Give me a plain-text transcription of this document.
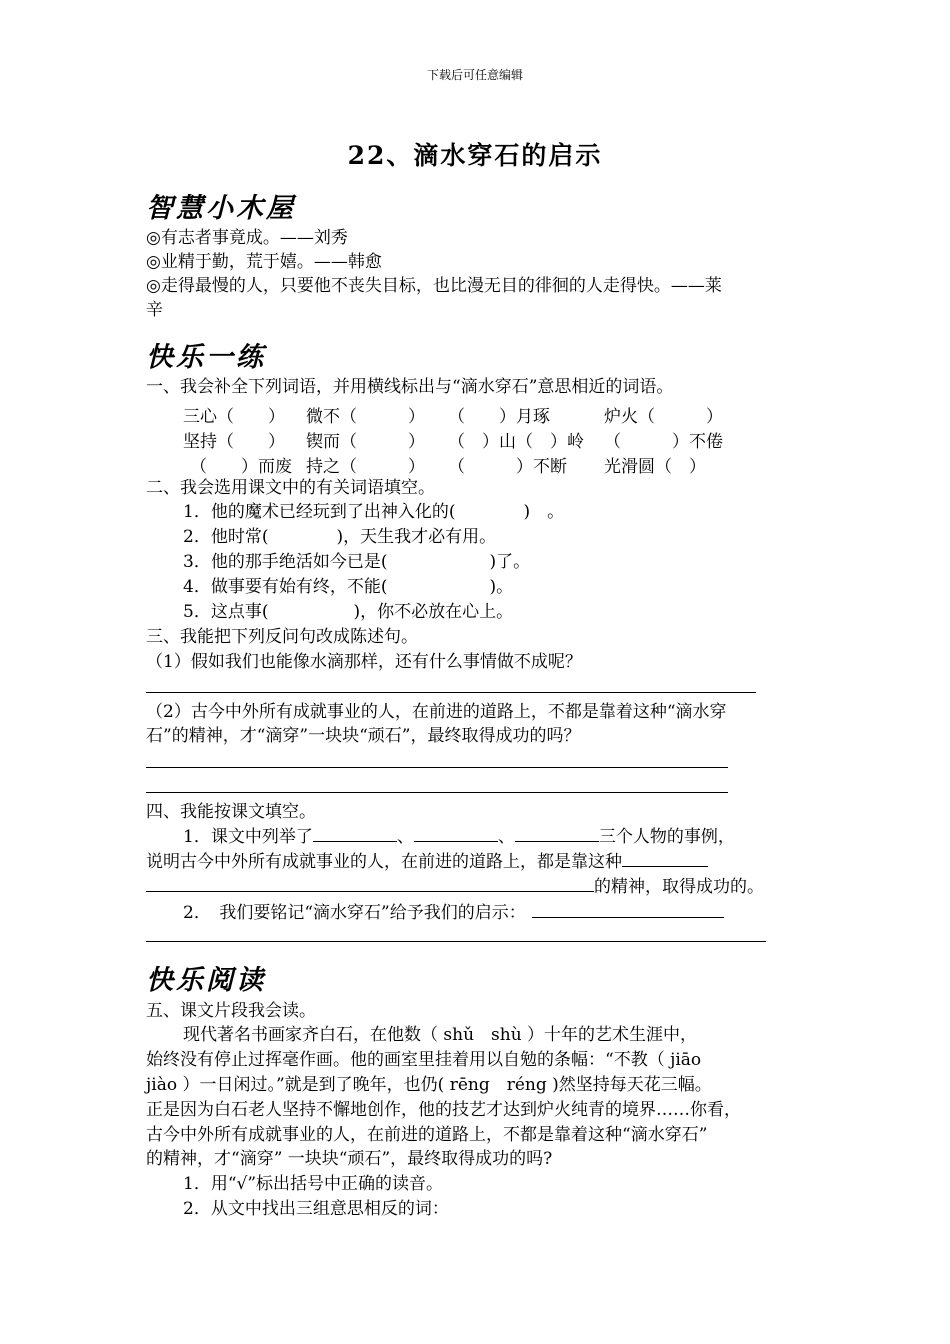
下载后可任意编辑
22、滴水穿石的启示
智慧小木屋
◎有志者事竟成。——刘秀
◎业精于勤，荒于嬉。——韩愈
◎走得最慢的人，只要他不丧失目标，也比漫无目的徘徊的人走得快。——莱
辛
快乐一练
一、我会补全下列词语，并用横线标出与“滴水穿石”意思相近的词语。
三心（　　） 微不（　　　） （　　）月琢	炉火（　　　）
坚持（　　） 锲而（　　　） （　）山（　）岭 （　　　）不倦
（　　）而废 持之（　　　） （　　　）不断 光滑圆（　）
二、我会选用课文中的有关词语填空。
1．他的魔术已经玩到了出神入化的(　　　　)　。
2．他时常(　　　　)，天生我才必有用。
3．他的那手绝活如今已是(　　　　　　)了。
4．做事要有始有终，不能(　　　　　　)。
5．这点事(　　　　　)，你不必放在心上。
三、我能把下列反问句改成陈述句。
（1）假如我们也能像水滴那样，还有什么事情做不成呢？
（2）古今中外所有成就事业的人，在前进的道路上，不都是靠着这种“滴水穿
石”的精神，才“滴穿”一块块“顽石”，最终取得成功的吗？
四、我能按课文填空。
1．课文中列举了	、	、	三个人物的事例，
说明古今中外所有成就事业的人，在前进的道路上，都是靠这种
的精神，取得成功的。
2．　我们要铭记“滴水穿石”给予我们的启示：
快乐阅读
五、课文片段我会读。
现代著名书画家齐白石，在他数（ shǔ　shù ）十年的艺术生涯中，
始终没有停止过挥毫作画。他的画室里挂着用以自勉的条幅：“不教（ jiāo
jiào ）一日闲过。”就是到了晚年，也仍( rēng　réng )然坚持每天花三幅。
正是因为白石老人坚持不懈地创作，他的技艺才达到炉火纯青的境界……你看，
古今中外所有成就事业的人，在前进的道路上，不都是靠着这种“滴水穿石”
的精神，才“滴穿” 一块块“顽石”，最终取得成功的吗?
1．用“√”标出括号中正确的读音。
2．从文中找出三组意思相反的词：
